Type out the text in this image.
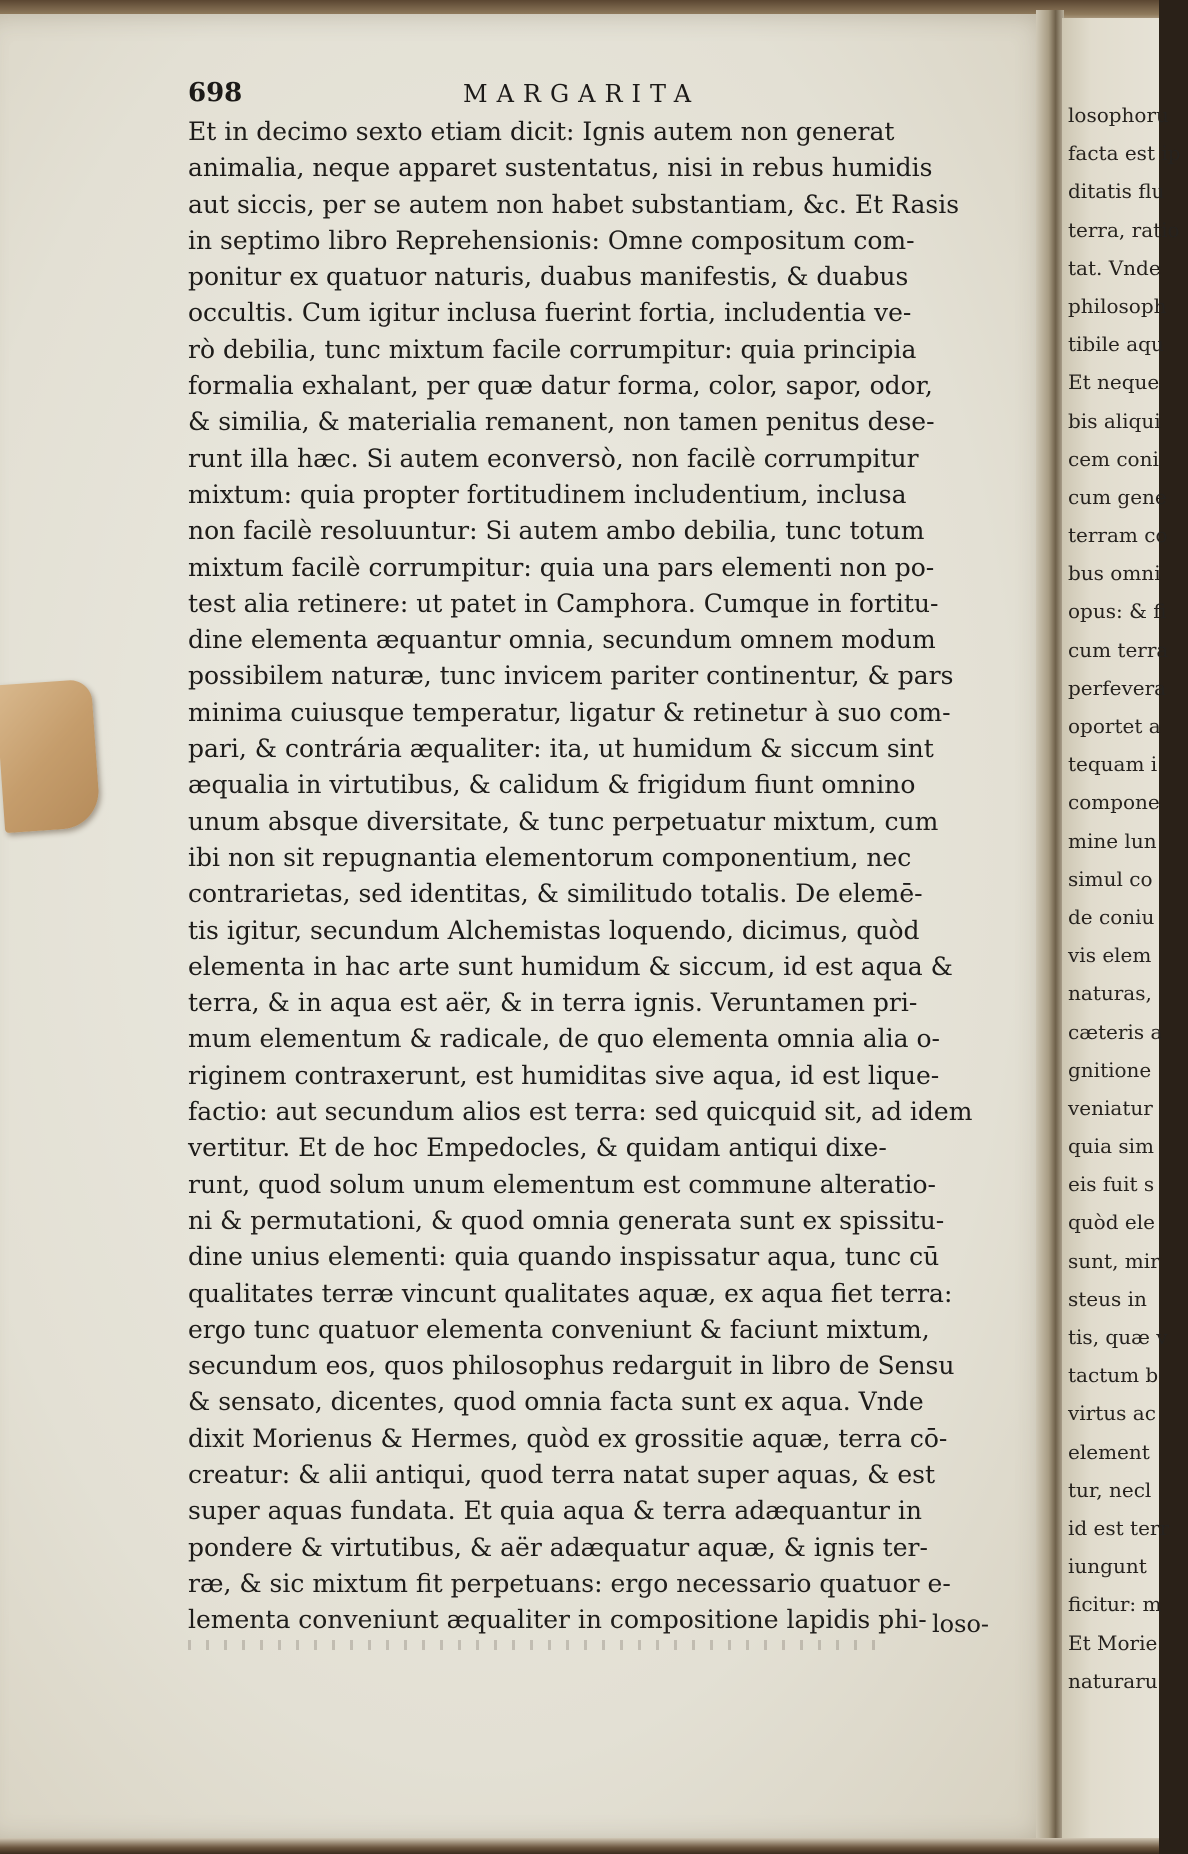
698	MARGARITA
Et in decimo sexto etiam dicit: Ignis autem non generat
animalia, neque apparet sustentatus, nisi in rebus humidis
aut siccis, per se autem non habet substantiam, &c. Et Rasis
in septimo libro Reprehensionis: Omne compositum com-
ponitur ex quatuor naturis, duabus manifestis, & duabus
occultis. Cum igitur inclusa fuerint fortia, includentia ve-
rò debilia, tunc mixtum facile corrumpitur: quia principia
formalia exhalant, per quæ datur forma, color, sapor, odor,
& similia, & materialia remanent, non tamen penitus dese-
runt illa hæc. Si autem econversò, non facilè corrumpitur
mixtum: quia propter fortitudinem includentium, inclusa
non facilè resoluuntur: Si autem ambo debilia, tunc totum
mixtum facilè corrumpitur: quia una pars elementi non po-
test alia retinere: ut patet in Camphora. Cumque in fortitu-
dine elementa æquantur omnia, secundum omnem modum
possibilem naturæ, tunc invicem pariter continentur, & pars
minima cuiusque temperatur, ligatur & retinetur à suo com-
pari, & contrária æqualiter: ita, ut humidum & siccum sint
æqualia in virtutibus, & calidum & frigidum fiunt omnino
unum absque diversitate, & tunc perpetuatur mixtum, cum
ibi non sit repugnantia elementorum componentium, nec
contrarietas, sed identitas, & similitudo totalis. De elemē-
tis igitur, secundum Alchemistas loquendo, dicimus, quòd
elementa in hac arte sunt humidum & siccum, id est aqua &
terra, & in aqua est aër, & in terra ignis. Veruntamen pri-
mum elementum & radicale, de quo elementa omnia alia o-
riginem contraxerunt, est humiditas sive aqua, id est lique-
factio: aut secundum alios est terra: sed quicquid sit, ad idem
vertitur. Et de hoc Empedocles, & quidam antiqui dixe-
runt, quod solum unum elementum est commune alteratio-
ni & permutationi, & quod omnia generata sunt ex spissitu-
dine unius elementi: quia quando inspissatur aqua, tunc cū
qualitates terræ vincunt qualitates aquæ, ex aqua fiet terra:
ergo tunc quatuor elementa conveniunt & faciunt mixtum,
secundum eos, quos philosophus redarguit in libro de Sensu
& sensato, dicentes, quod omnia facta sunt ex aqua. Vnde
dixit Morienus & Hermes, quòd ex grossitie aquæ, terra cō-
creatur: & alii antiqui, quod terra natat super aquas, & est
super aquas fundata. Et quia aqua & terra adæquantur in
pondere & virtutibus, & aër adæquatur aquæ, & ignis ter-
ræ, & sic mixtum fit perpetuans: ergo necessario quatuor e-
lementa conveniunt æqualiter in compositione lapidis phi- loso-
losophoru
facta est ip
ditatis flu
terra, ratio
tat. Vnde
philosoph
tibile aqu
Et neque
bis aliqui
cem coni
cum gene
terram co
bus omni
opus: & fi
cum terra
perfevera
oportet a
tequam i
compone
mine lun
simul co
de coniu
vis elem
naturas,
cæteris a
gnitione
veniatur
quia sim
eis fuit s
quòd ele
sunt, mir
steus in
tis, quæ v
tactum b
virtus ac
element
tur, necl
id est terr
iungunt
ficitur: m
Et Morie
naturaru
